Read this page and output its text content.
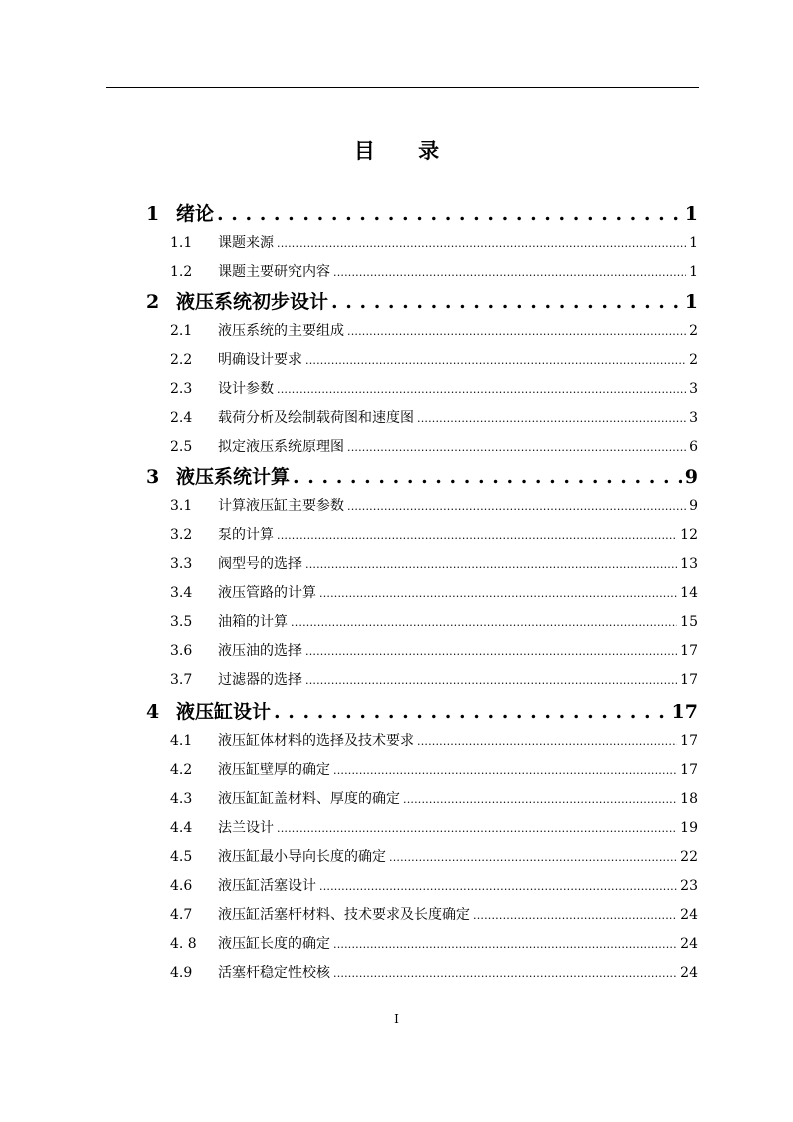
目 录
1 绪论 . . .	1
1.1	课题来源 .....	1
1.2	课题主要研究内容 .....	1
2 液压系统初步设计 . . .	1
2.1	液压系统的主要组成 .....	2
2.2	明确设计要求 .....	2
2.3	设计参数 .....	3
2.4	载荷分析及绘制载荷图和速度图 .....	3
2.5	拟定液压系统原理图 .....	6
3 液压系统计算 . . .	9
3.1	计算液压缸主要参数 .....	9
3.2	泵的计算 .....	12
3.3	阀型号的选择 .....	13
3.4	液压管路的计算 .....	14
3.5	油箱的计算 .....	15
3.6	液压油的选择 .....	17
3.7	过滤器的选择 .....	17
4 液压缸设计 . . .	17
4.1	液压缸体材料的选择及技术要求 .....	17
4.2	液压缸壁厚的确定 .....	17
4.3	液压缸缸盖材料、厚度的确定 .....	18
4.4	法兰设计 .....	19
4.5	液压缸最小导向长度的确定 .....	22
4.6	液压缸活塞设计 .....	23
4.7	液压缸活塞杆材料、技术要求及长度确定 .....	24
4. 8	液压缸长度的确定 .....	24
4.9	活塞杆稳定性校核 .....	24
I
